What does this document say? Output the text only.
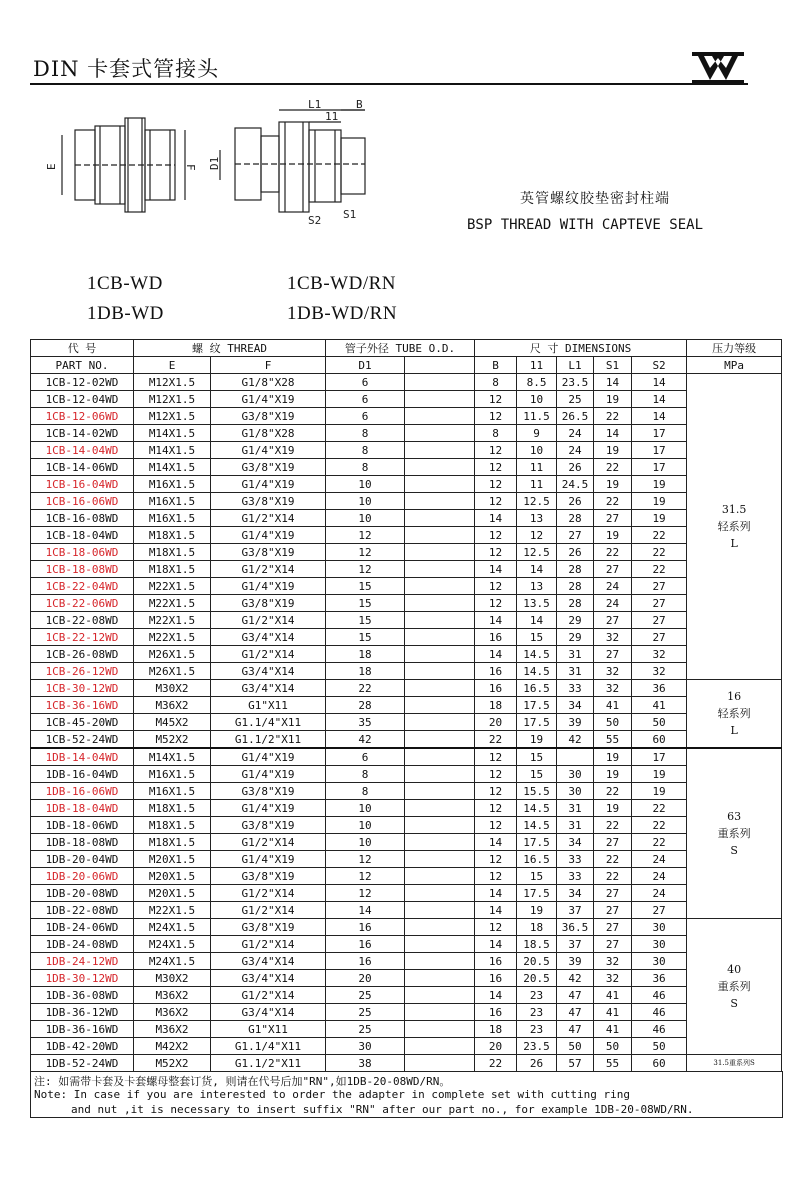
DIN 卡套式管接头
E	F
L1	B
11
D1
S2 S1
英管螺纹胶垫密封柱端
BSP THREAD WITH CAPTEVE SEAL
1CB-WD
1DB-WD
1CB-WD/RN
1DB-WD/RN
代 号	螺 纹 THREAD		管子外径 TUBE O.D.		尺 寸 DIMENSIONS					压力等级
PART NO.	E	F	D1		B	11	L1	S1	S2	MPa
1CB-12-02WD	M12X1.5	G1/8"X28	6		8	8.5	23.5	14	14	31.5
轻系列
L

1CB-12-04WD	M12X1.5	G1/4"X19	6		12	10	25	19	14	
1CB-12-06WD	M12X1.5	G3/8"X19	6		12	11.5	26.5	22	14	
1CB-14-02WD	M14X1.5	G1/8"X28	8		8	9	24	14	17	
1CB-14-04WD	M14X1.5	G1/4"X19	8		12	10	24	19	17	
1CB-14-06WD	M14X1.5	G3/8"X19	8		12	11	26	22	17	
1CB-16-04WD	M16X1.5	G1/4"X19	10		12	11	24.5	19	19	
1CB-16-06WD	M16X1.5	G3/8"X19	10		12	12.5	26	22	19	
1CB-16-08WD	M16X1.5	G1/2"X14	10		14	13	28	27	19	
1CB-18-04WD	M18X1.5	G1/4"X19	12		12	12	27	19	22	
1CB-18-06WD	M18X1.5	G3/8"X19	12		12	12.5	26	22	22	
1CB-18-08WD	M18X1.5	G1/2"X14	12		14	14	28	27	22	
1CB-22-04WD	M22X1.5	G1/4"X19	15		12	13	28	24	27	
1CB-22-06WD	M22X1.5	G3/8"X19	15		12	13.5	28	24	27	
1CB-22-08WD	M22X1.5	G1/2"X14	15		14	14	29	27	27	
1CB-22-12WD	M22X1.5	G3/4"X14	15		16	15	29	32	27	
1CB-26-08WD	M26X1.5	G1/2"X14	18		14	14.5	31	27	32	
1CB-26-12WD	M26X1.5	G3/4"X14	18		16	14.5	31	32	32	
1CB-30-12WD	M30X2	G3/4"X14	22		16	16.5	33	32	36	16
轻系列
L

1CB-36-16WD	M36X2	G1"X11	28		18	17.5	34	41	41	
1CB-45-20WD	M45X2	G1.1/4"X11	35		20	17.5	39	50	50	
1CB-52-24WD	M52X2	G1.1/2"X11	42		22	19	42	55	60	
1DB-14-04WD	M14X1.5	G1/4"X19	6		12	15		19	17	63
重系列
S

1DB-16-04WD	M16X1.5	G1/4"X19	8		12	15	30	19	19	
1DB-16-06WD	M16X1.5	G3/8"X19	8		12	15.5	30	22	19	
1DB-18-04WD	M18X1.5	G1/4"X19	10		12	14.5	31	19	22	
1DB-18-06WD	M18X1.5	G3/8"X19	10		12	14.5	31	22	22	
1DB-18-08WD	M18X1.5	G1/2"X14	10		14	17.5	34	27	22	
1DB-20-04WD	M20X1.5	G1/4"X19	12		12	16.5	33	22	24	
1DB-20-06WD	M20X1.5	G3/8"X19	12		12	15	33	22	24	
1DB-20-08WD	M20X1.5	G1/2"X14	12		14	17.5	34	27	24	
1DB-22-08WD	M22X1.5	G1/2"X14	14		14	19	37	27	27	
1DB-24-06WD	M24X1.5	G3/8"X19	16		12	18	36.5	27	30	40
重系列
S

1DB-24-08WD	M24X1.5	G1/2"X14	16		14	18.5	37	27	30	
1DB-24-12WD	M24X1.5	G3/4"X14	16		16	20.5	39	32	30	
1DB-30-12WD	M30X2	G3/4"X14	20		16	20.5	42	32	36	
1DB-36-08WD	M36X2	G1/2"X14	25		14	23	47	41	46	
1DB-36-12WD	M36X2	G3/4"X14	25		16	23	47	41	46	
1DB-36-16WD	M36X2	G1"X11	25		18	23	47	41	46	
1DB-42-20WD	M42X2	G1.1/4"X11	30		20	23.5	50	50	50	
1DB-52-24WD	M52X2	G1.1/2"X11	38		22	26	57	55	60	31.5重系列S
注: 如需带卡套及卡套螺母整套订货, 则请在代号后加"RN",如1DB-20-08WD/RN。
Note: In case if you are interested to order the adapter in complete set with cutting ring
and nut ,it is necessary to insert suffix "RN" after our part no., for example 1DB-20-08WD/RN.
